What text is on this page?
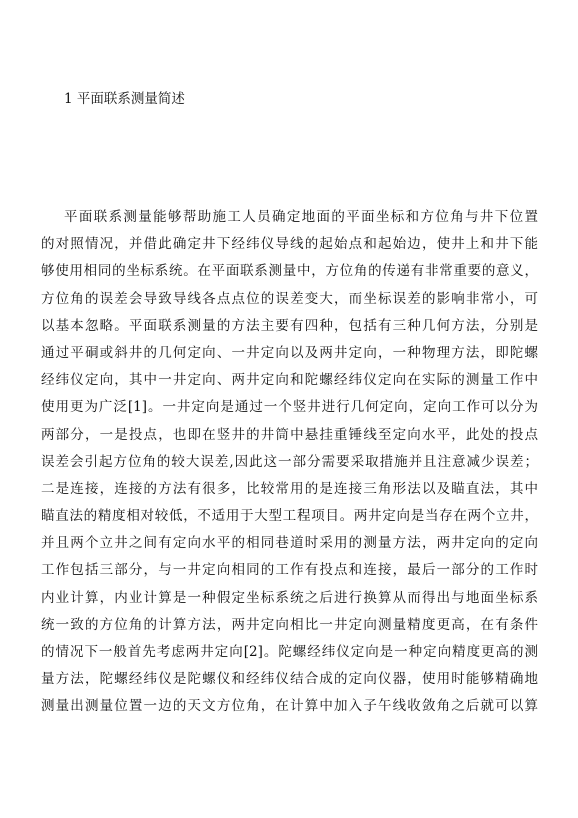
1 平面联系测量简述
平面联系测量能够帮助施工人员确定地面的平面坐标和方位角与井下位置
的对照情况，并借此确定井下经纬仪导线的起始点和起始边，使井上和井下能
够使用相同的坐标系统。在平面联系测量中，方位角的传递有非常重要的意义，
方位角的误差会导致导线各点点位的误差变大，而坐标误差的影响非常小，可
以基本忽略。平面联系测量的方法主要有四种，包括有三种几何方法，分别是
通过平硐或斜井的几何定向、一井定向以及两井定向，一种物理方法，即陀螺
经纬仪定向，其中一井定向、两井定向和陀螺经纬仪定向在实际的测量工作中
使用更为广泛[1]。一井定向是通过一个竖井进行几何定向，定向工作可以分为
两部分，一是投点，也即在竖井的井筒中悬挂重锤线至定向水平，此处的投点
误差会引起方位角的较大误差,因此这一部分需要采取措施并且注意减少误差；
二是连接，连接的方法有很多，比较常用的是连接三角形法以及瞄直法，其中
瞄直法的精度相对较低，不适用于大型工程项目。两井定向是当存在两个立井，
并且两个立井之间有定向水平的相同巷道时采用的测量方法，两井定向的定向
工作包括三部分，与一井定向相同的工作有投点和连接，最后一部分的工作时
内业计算，内业计算是一种假定坐标系统之后进行换算从而得出与地面坐标系
统一致的方位角的计算方法，两井定向相比一井定向测量精度更高，在有条件
的情况下一般首先考虑两井定向[2]。陀螺经纬仪定向是一种定向精度更高的测
量方法，陀螺经纬仪是陀螺仪和经纬仪结合成的定向仪器，使用时能够精确地
测量出测量位置一边的天文方位角，在计算中加入子午线收敛角之后就可以算
